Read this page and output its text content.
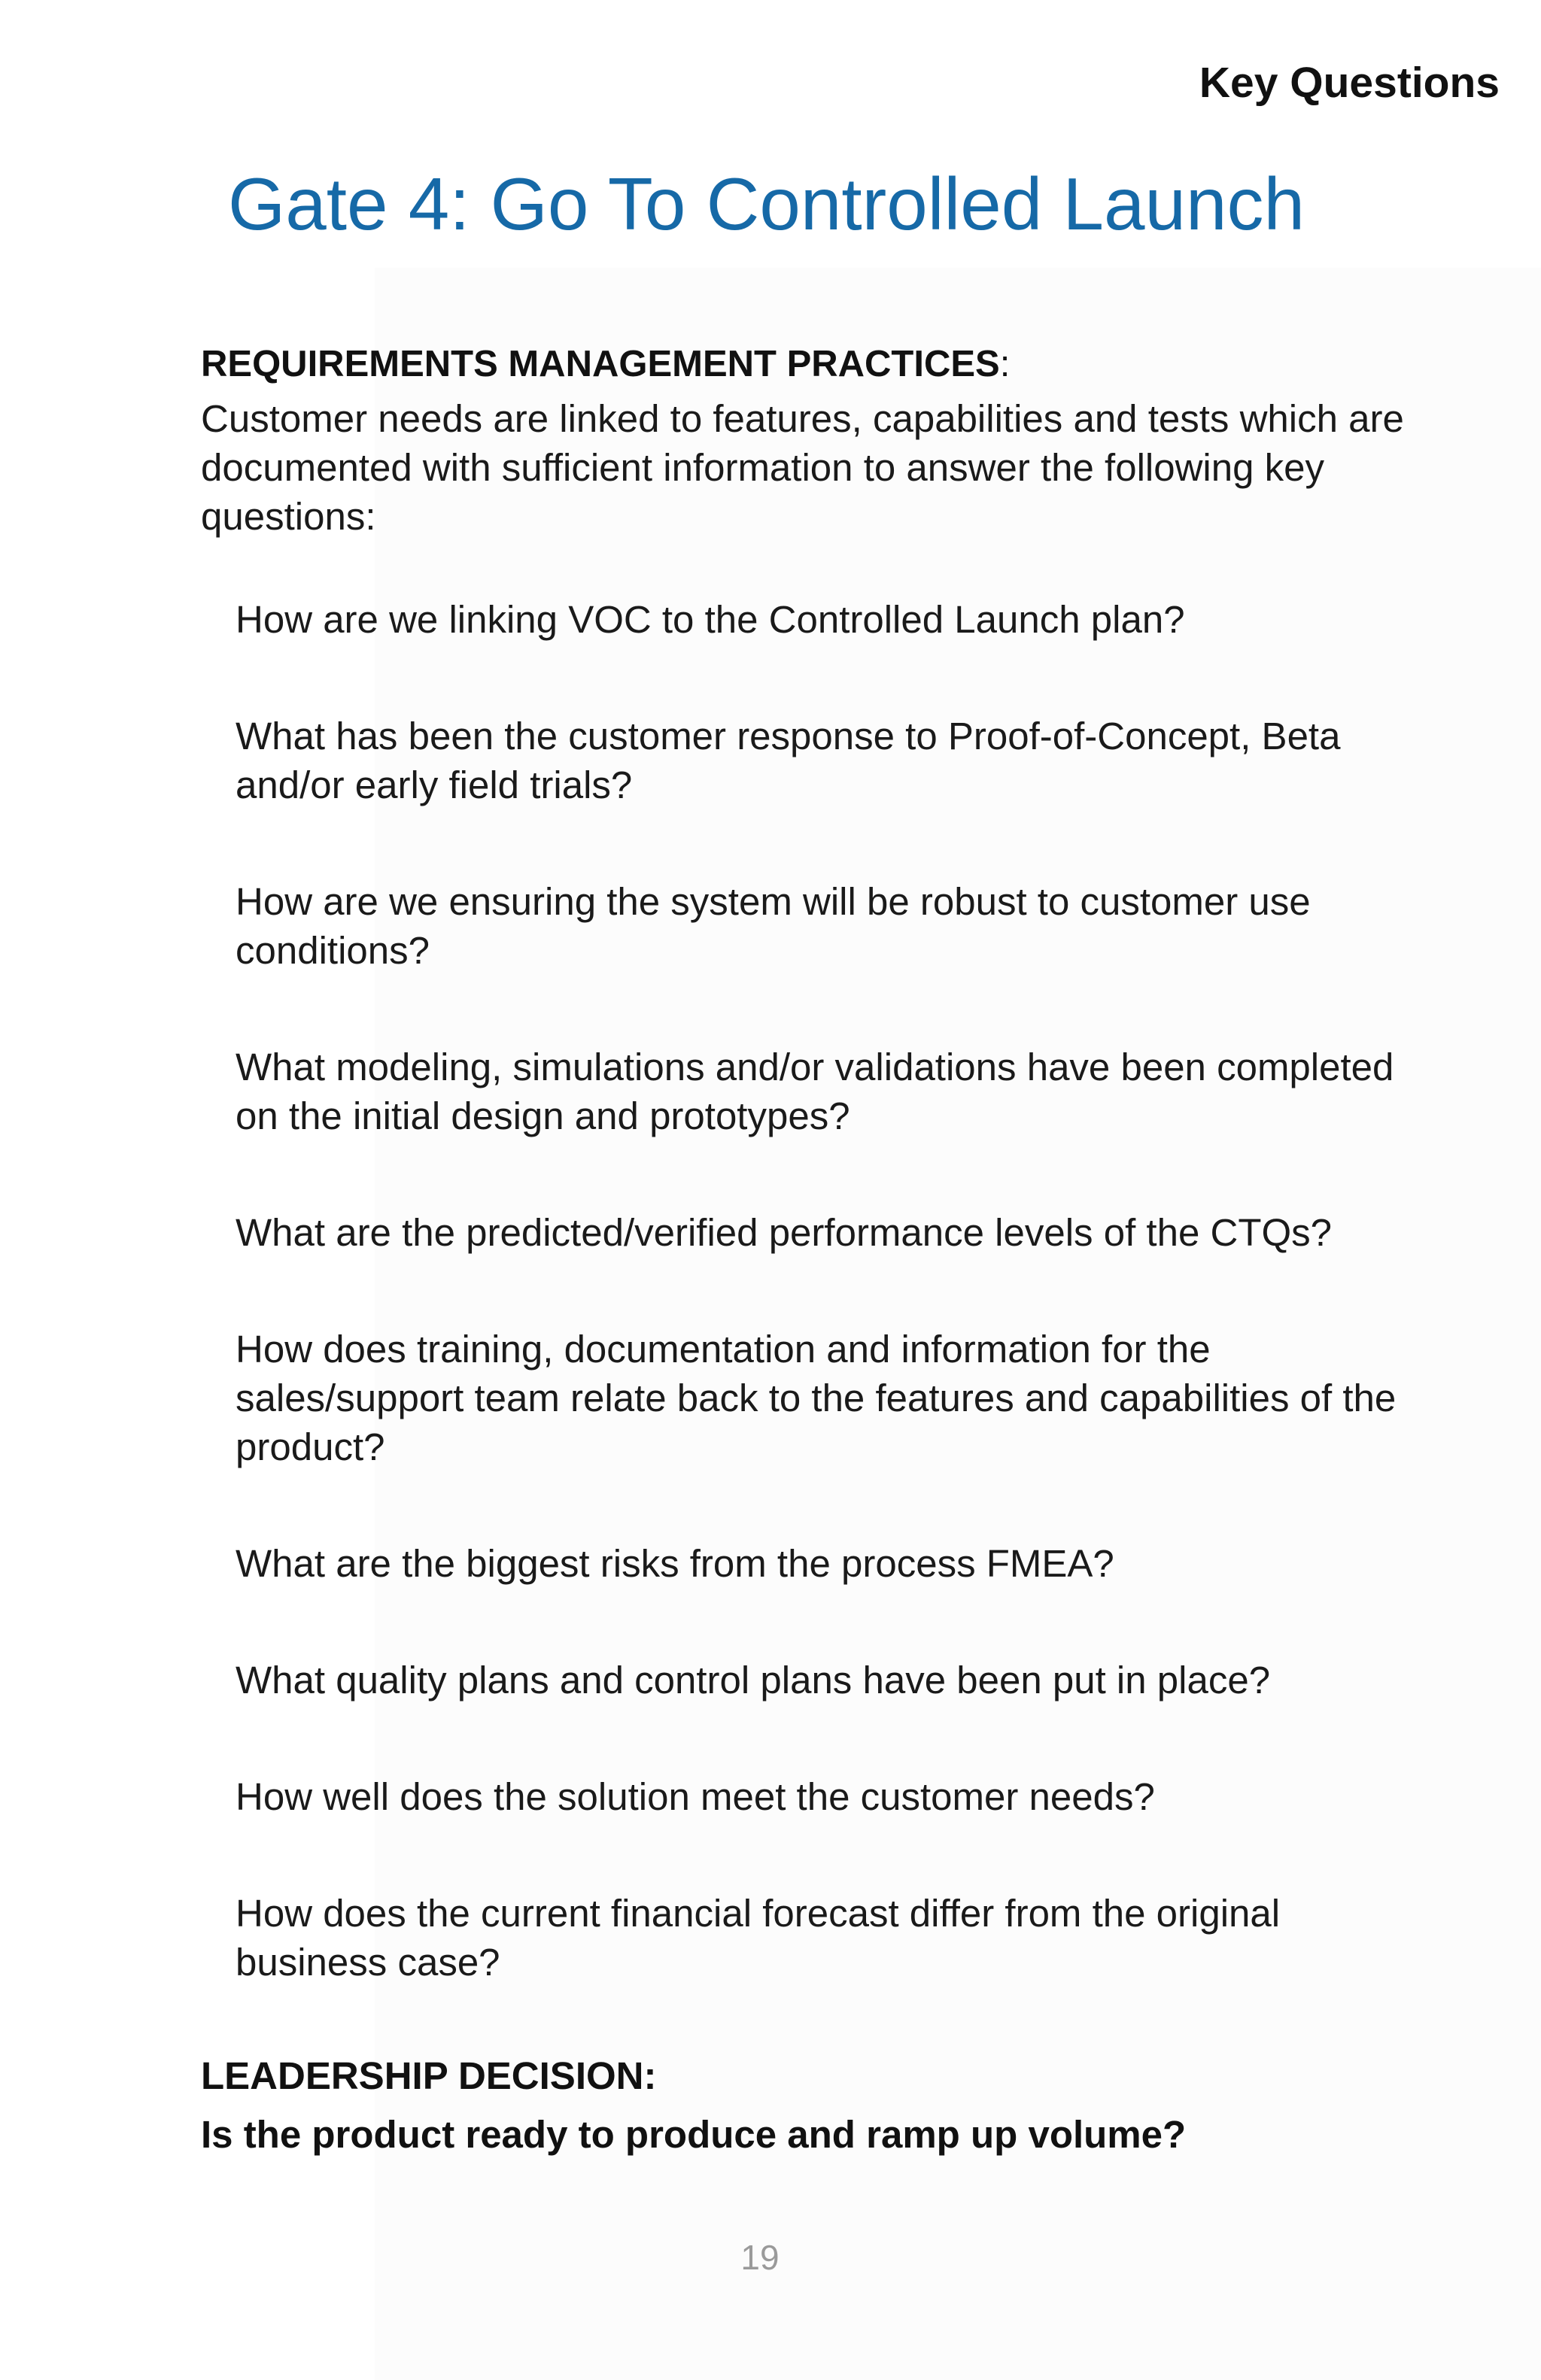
Key Questions
Gate 4: Go To Controlled Launch

REQUIREMENTS MANAGEMENT PRACTICES:

Customer needs are linked to features, capabilities and tests which are documented with sufficient information to answer the following key questions:

How are we linking VOC to the Controlled Launch plan?
What has been the customer response to Proof-of-Concept, Beta and/or early field trials?
How are we ensuring the system will be robust to customer use conditions?
What modeling, simulations and/or validations have been completed on the initial design and prototypes?
What are the predicted/verified performance levels of the CTQs?
How does training, documentation and information for the sales/support team relate back to the features and capabilities of the product?
What are the biggest risks from the process FMEA?
What quality plans and control plans have been put in place?
How well does the solution meet the customer needs?
How does the current financial forecast differ from the original business case?

LEADERSHIP DECISION:

Is the product ready to produce and ramp up volume?

19
